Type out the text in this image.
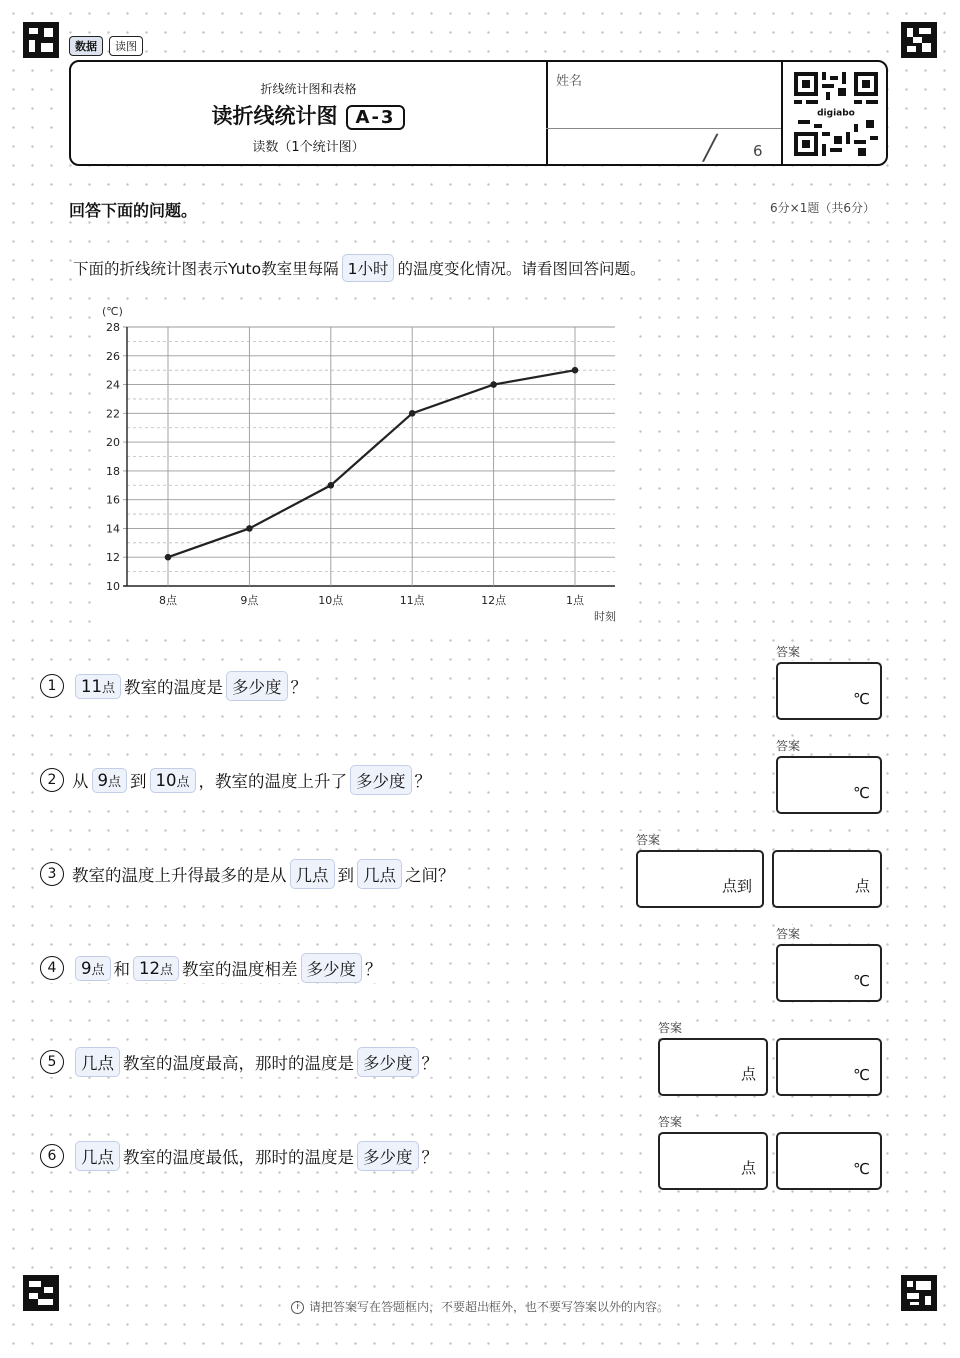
数据	读图
折线统计图和表格
读折线统计图 A-3
读数（1个统计图）
姓名
╱ 6
digiabo
回答下面的问题。	6分×1题（共6分）
下面的折线统计图表示Yuto教室里每隔 1小时 的温度变化情况。请看图回答问题。
(℃)
时刻
10
12
14
16
18
20
22
24
26
28
8点	9点	10点	11点	12点	1点
1	11点 教室的温度是 多少度 ？
答案
℃
2 从 9点 到 10点 ，教室的温度上升了 多少度 ？
答案
℃
3 教室的温度上升得最多的是从 几点 到 几点 之间？
答案
点到	点
4	9点 和 12点 教室的温度相差 多少度 ？
答案
℃
5	几点 教室的温度最高，那时的温度是 多少度 ？
答案
点	℃
6	几点 教室的温度最低，那时的温度是 多少度 ？
答案
点	℃
i 请把答案写在答题框内，不要超出框外，也不要写答案以外的内容。
